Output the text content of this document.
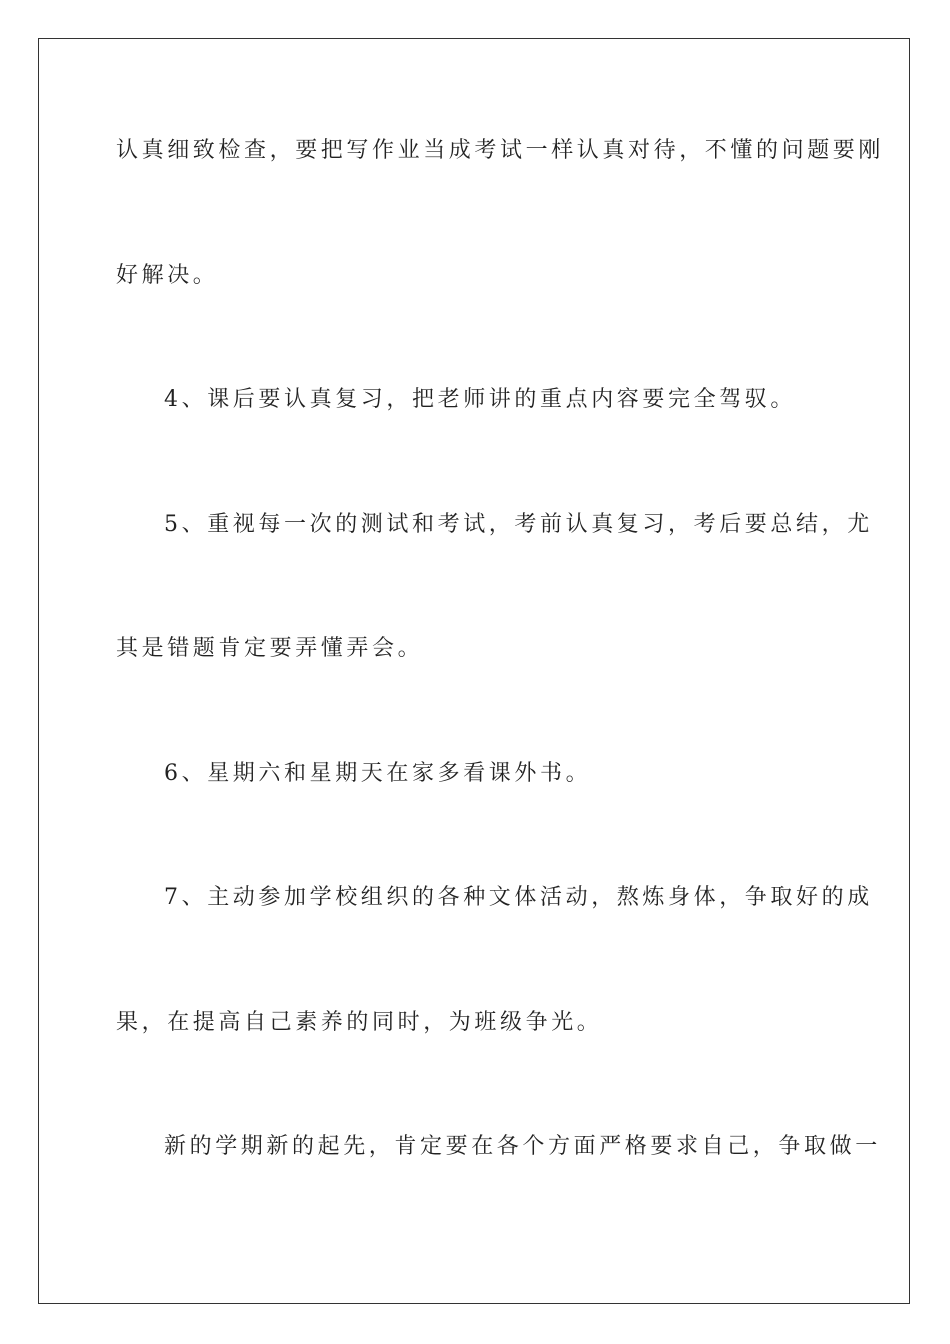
认真细致检查，要把写作业当成考试一样认真对待，不懂的问题要刚

好解决。

4、课后要认真复习，把老师讲的重点内容要完全驾驭。

5、重视每一次的测试和考试，考前认真复习，考后要总结，尤

其是错题肯定要弄懂弄会。

6、星期六和星期天在家多看课外书。

7、主动参加学校组织的各种文体活动，熬炼身体，争取好的成

果，在提高自己素养的同时，为班级争光。

新的学期新的起先，肯定要在各个方面严格要求自己，争取做一
